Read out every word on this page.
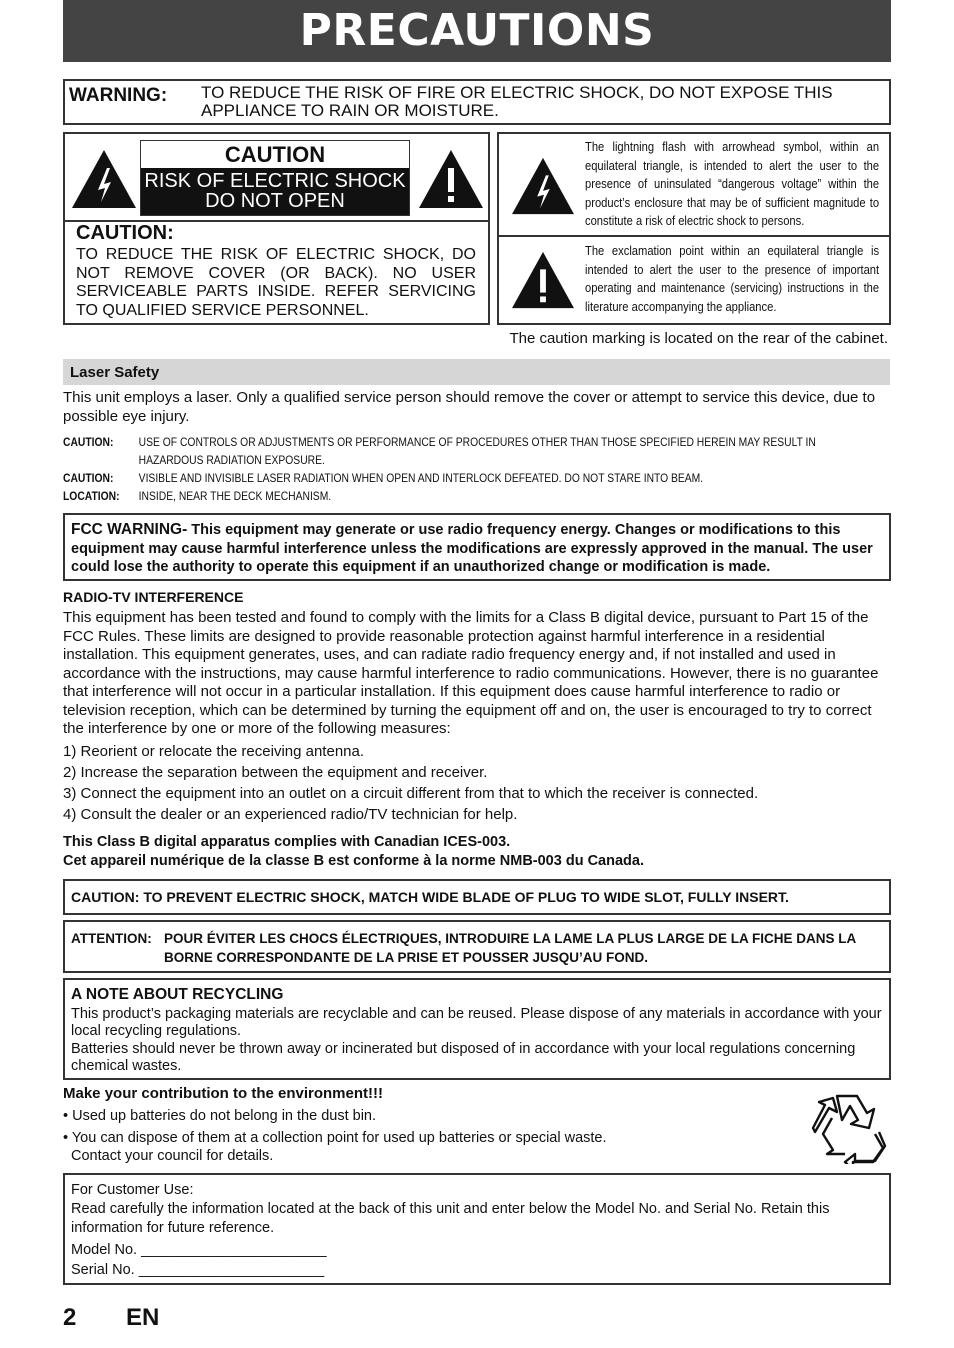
PRECAUTIONS
WARNING: TO REDUCE THE RISK OF FIRE OR ELECTRIC SHOCK, DO NOT EXPOSE THIS APPLIANCE TO RAIN OR MOISTURE.
CAUTION
RISK OF ELECTRIC SHOCK
DO NOT OPEN
CAUTION:
TO REDUCE THE RISK OF ELECTRIC SHOCK, DO NOT REMOVE COVER (OR BACK). NO USER SERVICEABLE PARTS INSIDE. REFER SERVICING TO QUALIFIED SERVICE PERSONNEL.
The lightning flash with arrowhead symbol, within an equilateral triangle, is intended to alert the user to the presence of uninsulated “dangerous voltage” within the product’s enclosure that may be of sufficient magnitude to constitute a risk of electric shock to persons.
The exclamation point within an equilateral triangle is intended to alert the user to the presence of important operating and maintenance (servicing) instructions in the literature accompanying the appliance.
The caution marking is located on the rear of the cabinet.
Laser Safety
This unit employs a laser. Only a qualified service person should remove the cover or attempt to service this device, due to possible eye injury.
CAUTION:	USE OF CONTROLS OR ADJUSTMENTS OR PERFORMANCE OF PROCEDURES OTHER THAN THOSE SPECIFIED HEREIN MAY RESULT IN HAZARDOUS RADIATION EXPOSURE.
CAUTION:	VISIBLE AND INVISIBLE LASER RADIATION WHEN OPEN AND INTERLOCK DEFEATED. DO NOT STARE INTO BEAM.
LOCATION:	INSIDE, NEAR THE DECK MECHANISM.
FCC WARNING- This equipment may generate or use radio frequency energy. Changes or modifications to this equipment may cause harmful interference unless the modifications are expressly approved in the manual. The user could lose the authority to operate this equipment if an unauthorized change or modification is made.
RADIO-TV INTERFERENCE
This equipment has been tested and found to comply with the limits for a Class B digital device, pursuant to Part 15 of the FCC Rules. These limits are designed to provide reasonable protection against harmful interference in a residential installation. This equipment generates, uses, and can radiate radio frequency energy and, if not installed and used in accordance with the instructions, may cause harmful interference to radio communications. However, there is no guarantee that interference will not occur in a particular installation. If this equipment does cause harmful interference to radio or television reception, which can be determined by turning the equipment off and on, the user is encouraged to try to correct the interference by one or more of the following measures:
1) Reorient or relocate the receiving antenna.
2) Increase the separation between the equipment and receiver.
3) Connect the equipment into an outlet on a circuit different from that to which the receiver is connected.
4) Consult the dealer or an experienced radio/TV technician for help.
This Class B digital apparatus complies with Canadian ICES-003.
Cet appareil numérique de la classe B est conforme à la norme NMB-003 du Canada.
CAUTION: TO PREVENT ELECTRIC SHOCK, MATCH WIDE BLADE OF PLUG TO WIDE SLOT, FULLY INSERT.
ATTENTION: POUR ÉVITER LES CHOCS ÉLECTRIQUES, INTRODUIRE LA LAME LA PLUS LARGE DE LA FICHE DANS LA
BORNE CORRESPONDANTE DE LA PRISE ET POUSSER JUSQU’AU FOND.
A NOTE ABOUT RECYCLING
This product’s packaging materials are recyclable and can be reused. Please dispose of any materials in accordance with your local recycling regulations.
Batteries should never be thrown away or incinerated but disposed of in accordance with your local regulations concerning chemical wastes.
Make your contribution to the environment!!!
• Used up batteries do not belong in the dust bin.
• You can dispose of them at a collection point for used up batteries or special waste.
Contact your council for details.
For Customer Use:
Read carefully the information located at the back of this unit and enter below the Model No. and Serial No. Retain this information for future reference.
Model No. _______________________
Serial No. _______________________
2 EN
